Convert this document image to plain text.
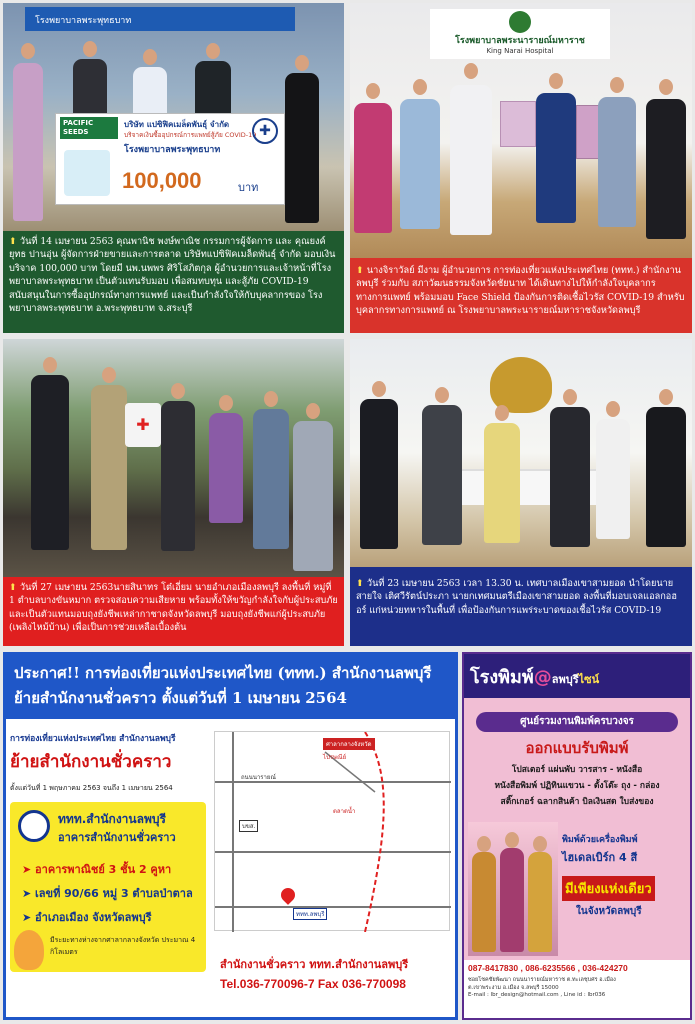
โรงพยาบาลพระพุทธบาท
PACIFIC SEEDS
บริษัท แปซิฟิคเมล็ดพันธุ์ จำกัด
บริจาคเงินซื้ออุปกรณ์การแพทย์สู้ภัย COVID-19
โรงพยาบาลพระพุทธบาท
✚
100,000	บาท
⬆ วันที่ 14 เมษายน 2563 คุณพานิช พงษ์พาณิช กรรมการผู้จัดการ และ คุณยงค์ยุทธ ปานอุ่น ผู้จัดการฝ่ายขายและการตลาด บริษัทแปซิฟิคเมล็ดพันธุ์ จำกัด มอบเงินบริจาค 100,000 บาท โดยมี นพ.นพพร ศิริโสภิตกุล ผู้อำนวยการและเจ้าหน้าที่โรงพยาบาลพระพุทธบาท เป็นตัวแทนรับมอบ เพื่อสมทบทุน และสู้ภัย COVID-19 สนับสนุนในการซื้ออุปกรณ์ทางการแพทย์ และเป็นกำลังใจให้กับบุคลากรของ โรงพยาบาลพระพุทธบาท อ.พระพุทธบาท จ.สระบุรี
โรงพยาบาลพระนารายณ์มหาราช
King Narai Hospital
⬆ นางจิราวัลย์ มีงาม ผู้อำนวยการ การท่องเที่ยวแห่งประเทศไทย (ททท.) สำนักงานลพบุรี ร่วมกับ สภาวัฒนธรรมจังหวัดชัยนาท ได้เดินทางไปให้กำลังใจบุคลากรทางการแพทย์ พร้อมมอบ Face Shield ป้องกันการติดเชื้อไวรัส COVID-19 สำหรับบุคลากรทางการแพทย์ ณ โรงพยาบาลพระนารายณ์มหาราชจังหวัดลพบุรี
✚
⬆ วันที่ 27 เมษายน 2563นายสินาทร โต๋เอี่ยม นายอำเภอเมืองลพบุรี ลงพื้นที่ หมู่ที่ 1 ตำบลบางขันหมาก ตรวจสอบความเสียหาย พร้อมทั้งให้ขวัญกำลังใจกับผู้ประสบภัย และเป็นตัวแทนมอบถุงยังชีพเหล่ากาชาดจังหวัดลพบุรี มอบถุงยังชีพแก่ผู้ประสบภัย (เพลิงไหม้บ้าน) เพื่อเป็นการช่วยเหลือเบื้องต้น
⬆ วันที่ 23 เมษายน 2563 เวลา 13.30 น. เทศบาลเมืองเขาสามยอด นำโดยนายสายใจ เติศวีรัตน์ประภา นายกเทศมนตรีเมืองเขาสามยอด ลงพื้นที่มอบเจลแอลกอฮอร์ แก่หน่วยทหารในพื้นที่ เพื่อป้องกันการแพร่ระบาดของเชื้อไวรัส COVID-19
ประกาศ!! การท่องเที่ยวแห่งประเทศไทย (ททท.) สำนักงานลพบุรี ย้ายสำนักงานชั่วคราว ตั้งแต่วันที่ 1 เมษายน 2564
การท่องเที่ยวแห่งประเทศไทย สำนักงานลพบุรี
ย้ายสำนักงานชั่วคราว
ตั้งแต่วันที่ 1 พฤษภาคม 2563 จนถึง 1 เมษายน 2564
ททท.สำนักงานลพบุรี
อาคารสำนักงานชั่วคราว
➤ อาคารพาณิชย์ 3 ชั้น 2 คูหา
➤ เลขที่ 90/66 หมู่ 3 ตำบลป่าตาล
➤ อำเภอเมือง จังหวัดลพบุรี
มีระยะทางห่างจากศาลากลางจังหวัด ประมาณ 4 กิโลเมตร
ศาลากลางจังหวัด
ไปรษณีย์
ถนนนารายณ์
บขส.
ตลาดน้ำ
ททท.ลพบุรี
สำนักงานชั่วคราว ททท.สำนักงานลพบุรี
Tel.036-770096-7 Fax 036-770098
โรงพิมพ์@ลพบุรีไซน์
ศูนย์รวมงานพิมพ์ครบวงจร
ออกแบบรับพิมพ์
โปสเตอร์ แผ่นพับ วารสาร - หนังสือ
หนังสือพิมพ์ ปฏิทินแขวน - ตั้งโต๊ะ ถุง - กล่อง
สติ๊กเกอร์ ฉลากสินค้า บิลเงินสด ใบส่งของ
พิมพ์ด้วยเครื่องพิมพ์
ไฮเดลเบิร์ก 4 สี
มีเพียงแห่งเดียว
ในจังหวัดลพบุรี
087-8417830 , 086-6235566 , 036-424270
ซอยโชคชัยพัฒนา ถนนนารายณ์มหาราช ต.ทะเลชุบศร อ.เมือง
ต.เขาพระงาม อ.เมือง จ.ลพบุรี 15000
E-mail : lbr_design@hotmail.com , Line id : lbr036
